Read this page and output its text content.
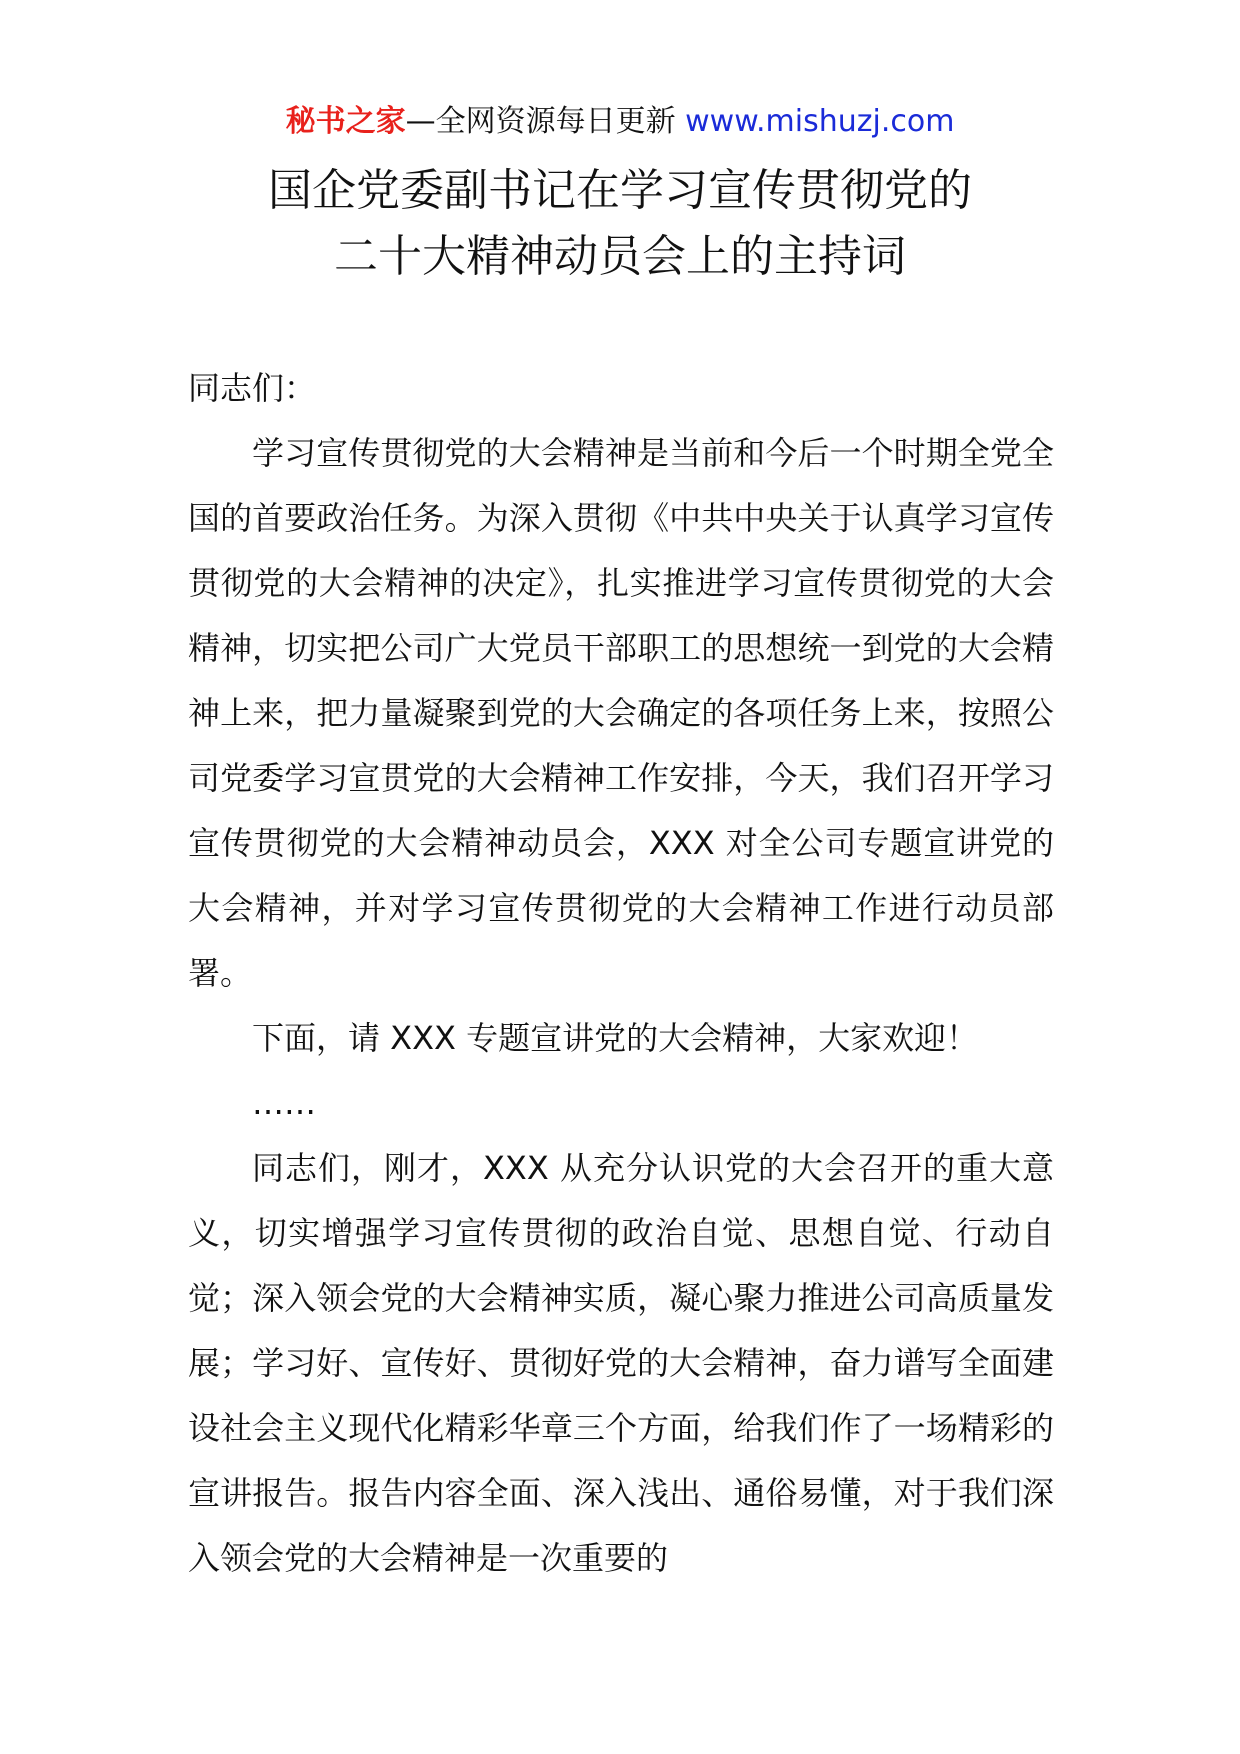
秘书之家—全网资源每日更新 www.mishuzj.com
国企党委副书记在学习宣传贯彻党的
二十大精神动员会上的主持词

同志们：

学习宣传贯彻党的大会精神是当前和今后一个时期全党全国的首要政治任务。为深入贯彻《中共中央关于认真学习宣传贯彻党的大会精神的决定》，扎实推进学习宣传贯彻党的大会精神，切实把公司广大党员干部职工的思想统一到党的大会精神上来，把力量凝聚到党的大会确定的各项任务上来，按照公司党委学习宣贯党的大会精神工作安排，今天，我们召开学习宣传贯彻党的大会精神动员会，XXX 对全公司专题宣讲党的大会精神，并对学习宣传贯彻党的大会精神工作进行动员部署。

下面，请 XXX 专题宣讲党的大会精神，大家欢迎！

……

同志们，刚才，XXX 从充分认识党的大会召开的重大意义，切实增强学习宣传贯彻的政治自觉、思想自觉、行动自觉；深入领会党的大会精神实质，凝心聚力推进公司高质量发展；学习好、宣传好、贯彻好党的大会精神，奋力谱写全面建设社会主义现代化精彩华章三个方面，给我们作了一场精彩的宣讲报告。报告内容全面、深入浅出、通俗易懂，对于我们深入领会党的大会精神是一次重要的
